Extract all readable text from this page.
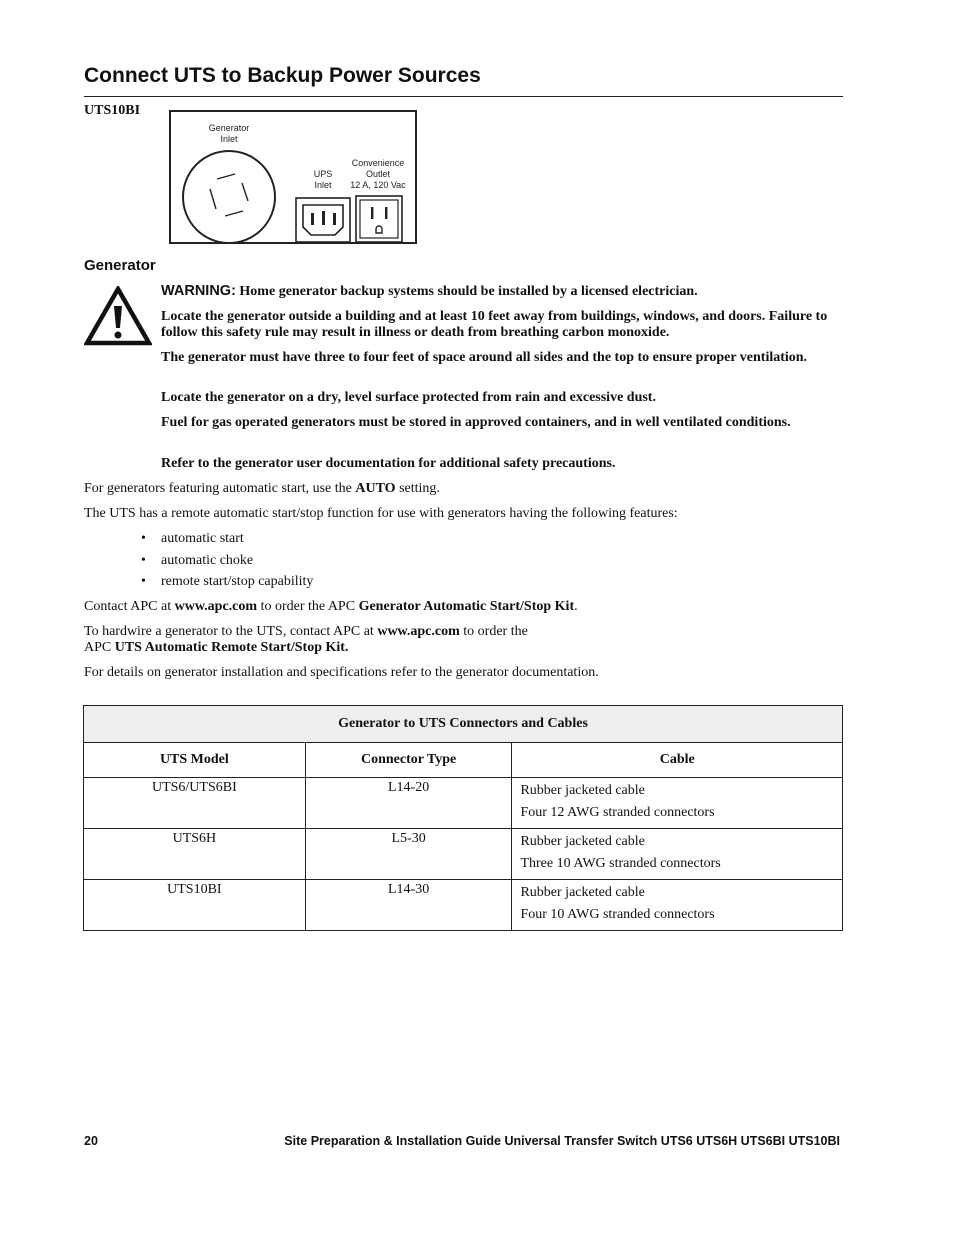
Connect UTS to Backup Power Sources
UTS10BI
Generator
Inlet
UPS
Inlet
Convenience
Outlet
12 A, 120 Vac
Generator
WARNING: Home generator backup systems should be installed by a licensed electrician.
Locate the generator outside a building and at least 10 feet away from buildings, windows, and doors. Failure to follow this safety rule may result in illness or death from breathing carbon monoxide.
The generator must have three to four feet of space around all sides and the top to ensure proper ventilation.
Locate the generator on a dry, level surface protected from rain and excessive dust.
Fuel for gas operated generators must be stored in approved containers, and in well ventilated conditions.
Refer to the generator user documentation for additional safety precautions.
For generators featuring automatic start, use the AUTO setting.
The UTS has a remote automatic start/stop function for use with generators having the following features:
• automatic start
• automatic choke
• remote start/stop capability
Contact APC at www.apc.com to order the APC Generator Automatic Start/Stop Kit.
To hardwire a generator to the UTS, contact APC at www.apc.com to order the
APC UTS Automatic Remote Start/Stop Kit.
For details on generator installation and specifications refer to the generator documentation.
Generator to UTS Connectors and Cables		
UTS Model	Connector Type	Cable
UTS6/UTS6BI	L14-20	Rubber jacketed cable
Four 12 AWG stranded connectors

UTS6H	L5-30	Rubber jacketed cable
Three 10 AWG stranded connectors

UTS10BI	L14-30	Rubber jacketed cable
Four 10 AWG stranded connectors
20	Site Preparation & Installation Guide Universal Transfer Switch UTS6 UTS6H UTS6BI UTS10BI
